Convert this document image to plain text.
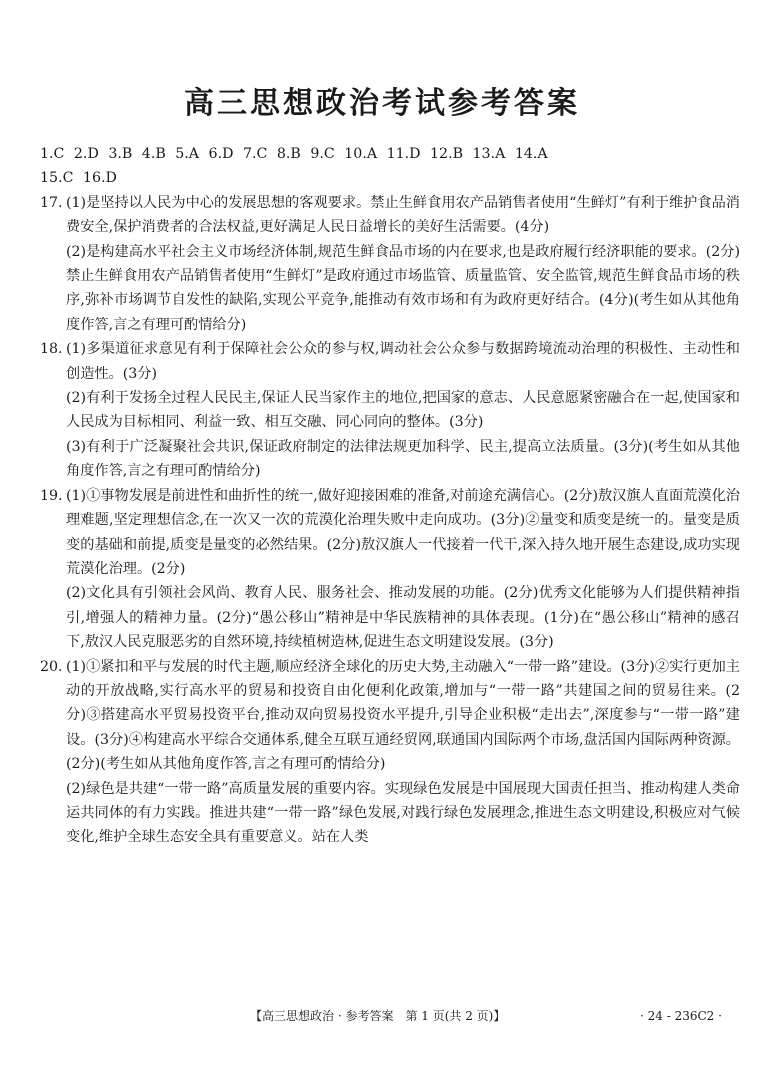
高三思想政治考试参考答案
1.C 2.D 3.B 4.B 5.A 6.D 7.C 8.B 9.C 10.A 11.D 12.B 13.A 14.A
15.C 16.D
17. (1)是坚持以人民为中心的发展思想的客观要求。禁止生鲜食用农产品销售者使用“生鲜灯”有利于维护食品消费安全,保护消费者的合法权益,更好满足人民日益增长的美好生活需要。(4分)

(2)是构建高水平社会主义市场经济体制,规范生鲜食品市场的内在要求,也是政府履行经济职能的要求。(2分)禁止生鲜食用农产品销售者使用“生鲜灯”是政府通过市场监管、质量监管、安全监管,规范生鲜食品市场的秩序,弥补市场调节自发性的缺陷,实现公平竞争,能推动有效市场和有为政府更好结合。(4分)(考生如从其他角度作答,言之有理可酌情给分)

18. (1)多渠道征求意见有利于保障社会公众的参与权,调动社会公众参与数据跨境流动治理的积极性、主动性和创造性。(3分)

(2)有利于发扬全过程人民民主,保证人民当家作主的地位,把国家的意志、人民意愿紧密融合在一起,使国家和人民成为目标相同、利益一致、相互交融、同心同向的整体。(3分)

(3)有利于广泛凝聚社会共识,保证政府制定的法律法规更加科学、民主,提高立法质量。(3分)(考生如从其他角度作答,言之有理可酌情给分)

19. (1)①事物发展是前进性和曲折性的统一,做好迎接困难的准备,对前途充满信心。(2分)敖汉旗人直面荒漠化治理难题,坚定理想信念,在一次又一次的荒漠化治理失败中走向成功。(3分)②量变和质变是统一的。量变是质变的基础和前提,质变是量变的必然结果。(2分)敖汉旗人一代接着一代干,深入持久地开展生态建设,成功实现荒漠化治理。(2分)

(2)文化具有引领社会风尚、教育人民、服务社会、推动发展的功能。(2分)优秀文化能够为人们提供精神指引,增强人的精神力量。(2分)“愚公移山”精神是中华民族精神的具体表现。(1分)在“愚公移山”精神的感召下,敖汉人民克服恶劣的自然环境,持续植树造林,促进生态文明建设发展。(3分)

20. (1)①紧扣和平与发展的时代主题,顺应经济全球化的历史大势,主动融入“一带一路”建设。(3分)②实行更加主动的开放战略,实行高水平的贸易和投资自由化便利化政策,增加与“一带一路”共建国之间的贸易往来。(2分)③搭建高水平贸易投资平台,推动双向贸易投资水平提升,引导企业积极“走出去”,深度参与“一带一路”建设。(3分)④构建高水平综合交通体系,健全互联互通经贸网,联通国内国际两个市场,盘活国内国际两种资源。(2分)(考生如从其他角度作答,言之有理可酌情给分)

(2)绿色是共建“一带一路”高质量发展的重要内容。实现绿色发展是中国展现大国责任担当、推动构建人类命运共同体的有力实践。推进共建“一带一路”绿色发展,对践行绿色发展理念,推进生态文明建设,积极应对气候变化,维护全球生态安全具有重要意义。站在人类

【高三思想政治 · 参考答案　第 1 页(共 2 页)】	· 24 - 236C2 ·
